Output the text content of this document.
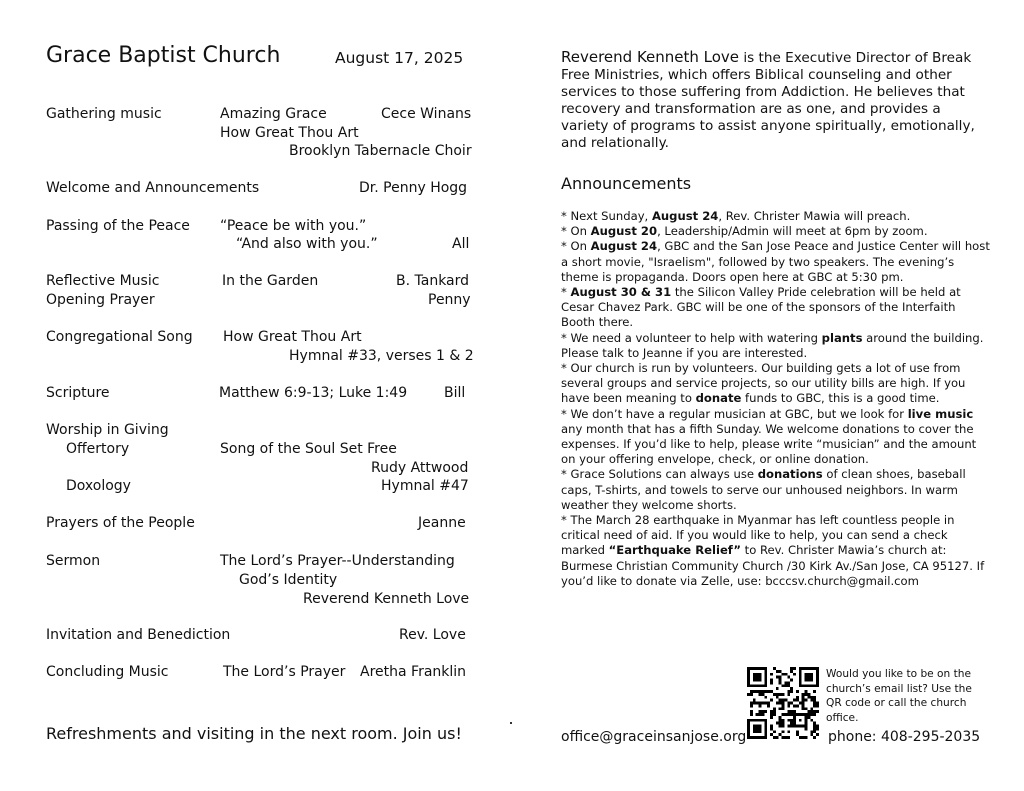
Grace Baptist Church	August 17, 2025
Gathering music	Amazing Grace	Cece Winans
How Great Thou Art
Brooklyn Tabernacle Choir
Welcome and Announcements	Dr. Penny Hogg
Passing of the Peace “Peace be with you.”
“And also with you.”	All
Reflective Music	In the Garden	B. Tankard
Opening Prayer	Penny
Congregational Song How Great Thou Art
Hymnal #33, verses 1 & 2
Scripture	Matthew 6:9-13; Luke 1:49	Bill
Worship in Giving
Offertory	Song of the Soul Set Free
Rudy Attwood
Doxology	Hymnal #47
Prayers of the People	Jeanne
Sermon	The Lord’s Prayer--Understanding
God’s Identity
Reverend Kenneth Love
Invitation and Benediction	Rev. Love
Concluding Music	The Lord’s Prayer Aretha Franklin
Refreshments and visiting in the next room. Join us!
Reverend Kenneth Love is the Executive Director of Break Free Ministries, which offers Biblical counseling and other services to those suffering from Addiction. He believes that recovery and transformation are as one, and provides a variety of programs to assist anyone spiritually, emotionally, and relationally.
Announcements

* Next Sunday, August 24, Rev. Christer Mawia will preach.

* On August 20, Leadership/Admin will meet at 6pm by zoom.

* On August 24, GBC and the San Jose Peace and Justice Center will host a short movie, "Israelism", followed by two speakers. The evening’s theme is propaganda. Doors open here at GBC at 5:30 pm.

* August 30 & 31 the Silicon Valley Pride celebration will be held at Cesar Chavez Park. GBC will be one of the sponsors of the Interfaith Booth there.

* We need a volunteer to help with watering plants around the building. Please talk to Jeanne if you are interested.

* Our church is run by volunteers. Our building gets a lot of use from several groups and service projects, so our utility bills are high. If you have been meaning to donate funds to GBC, this is a good time.

* We don’t have a regular musician at GBC, but we look for live music any month that has a fifth Sunday. We welcome donations to cover the expenses. If you’d like to help, please write “musician” and the amount on your offering envelope, check, or online donation.

* Grace Solutions can always use donations of clean shoes, baseball caps, T-shirts, and towels to serve our unhoused neighbors. In warm weather they welcome shorts.

* The March 28 earthquake in Myanmar has left countless people in critical need of aid. If you would like to help, you can send a check marked “Earthquake Relief” to Rev. Christer Mawia’s church at: Burmese Christian Community Church /30 Kirk Av./San Jose, CA 95127. If you’d like to donate via Zelle, use: bcccsv.church@gmail.com

Would you like to be on the church’s email list? Use the QR code or call the church office.
office@graceinsanjose.org	phone: 408-295-2035
